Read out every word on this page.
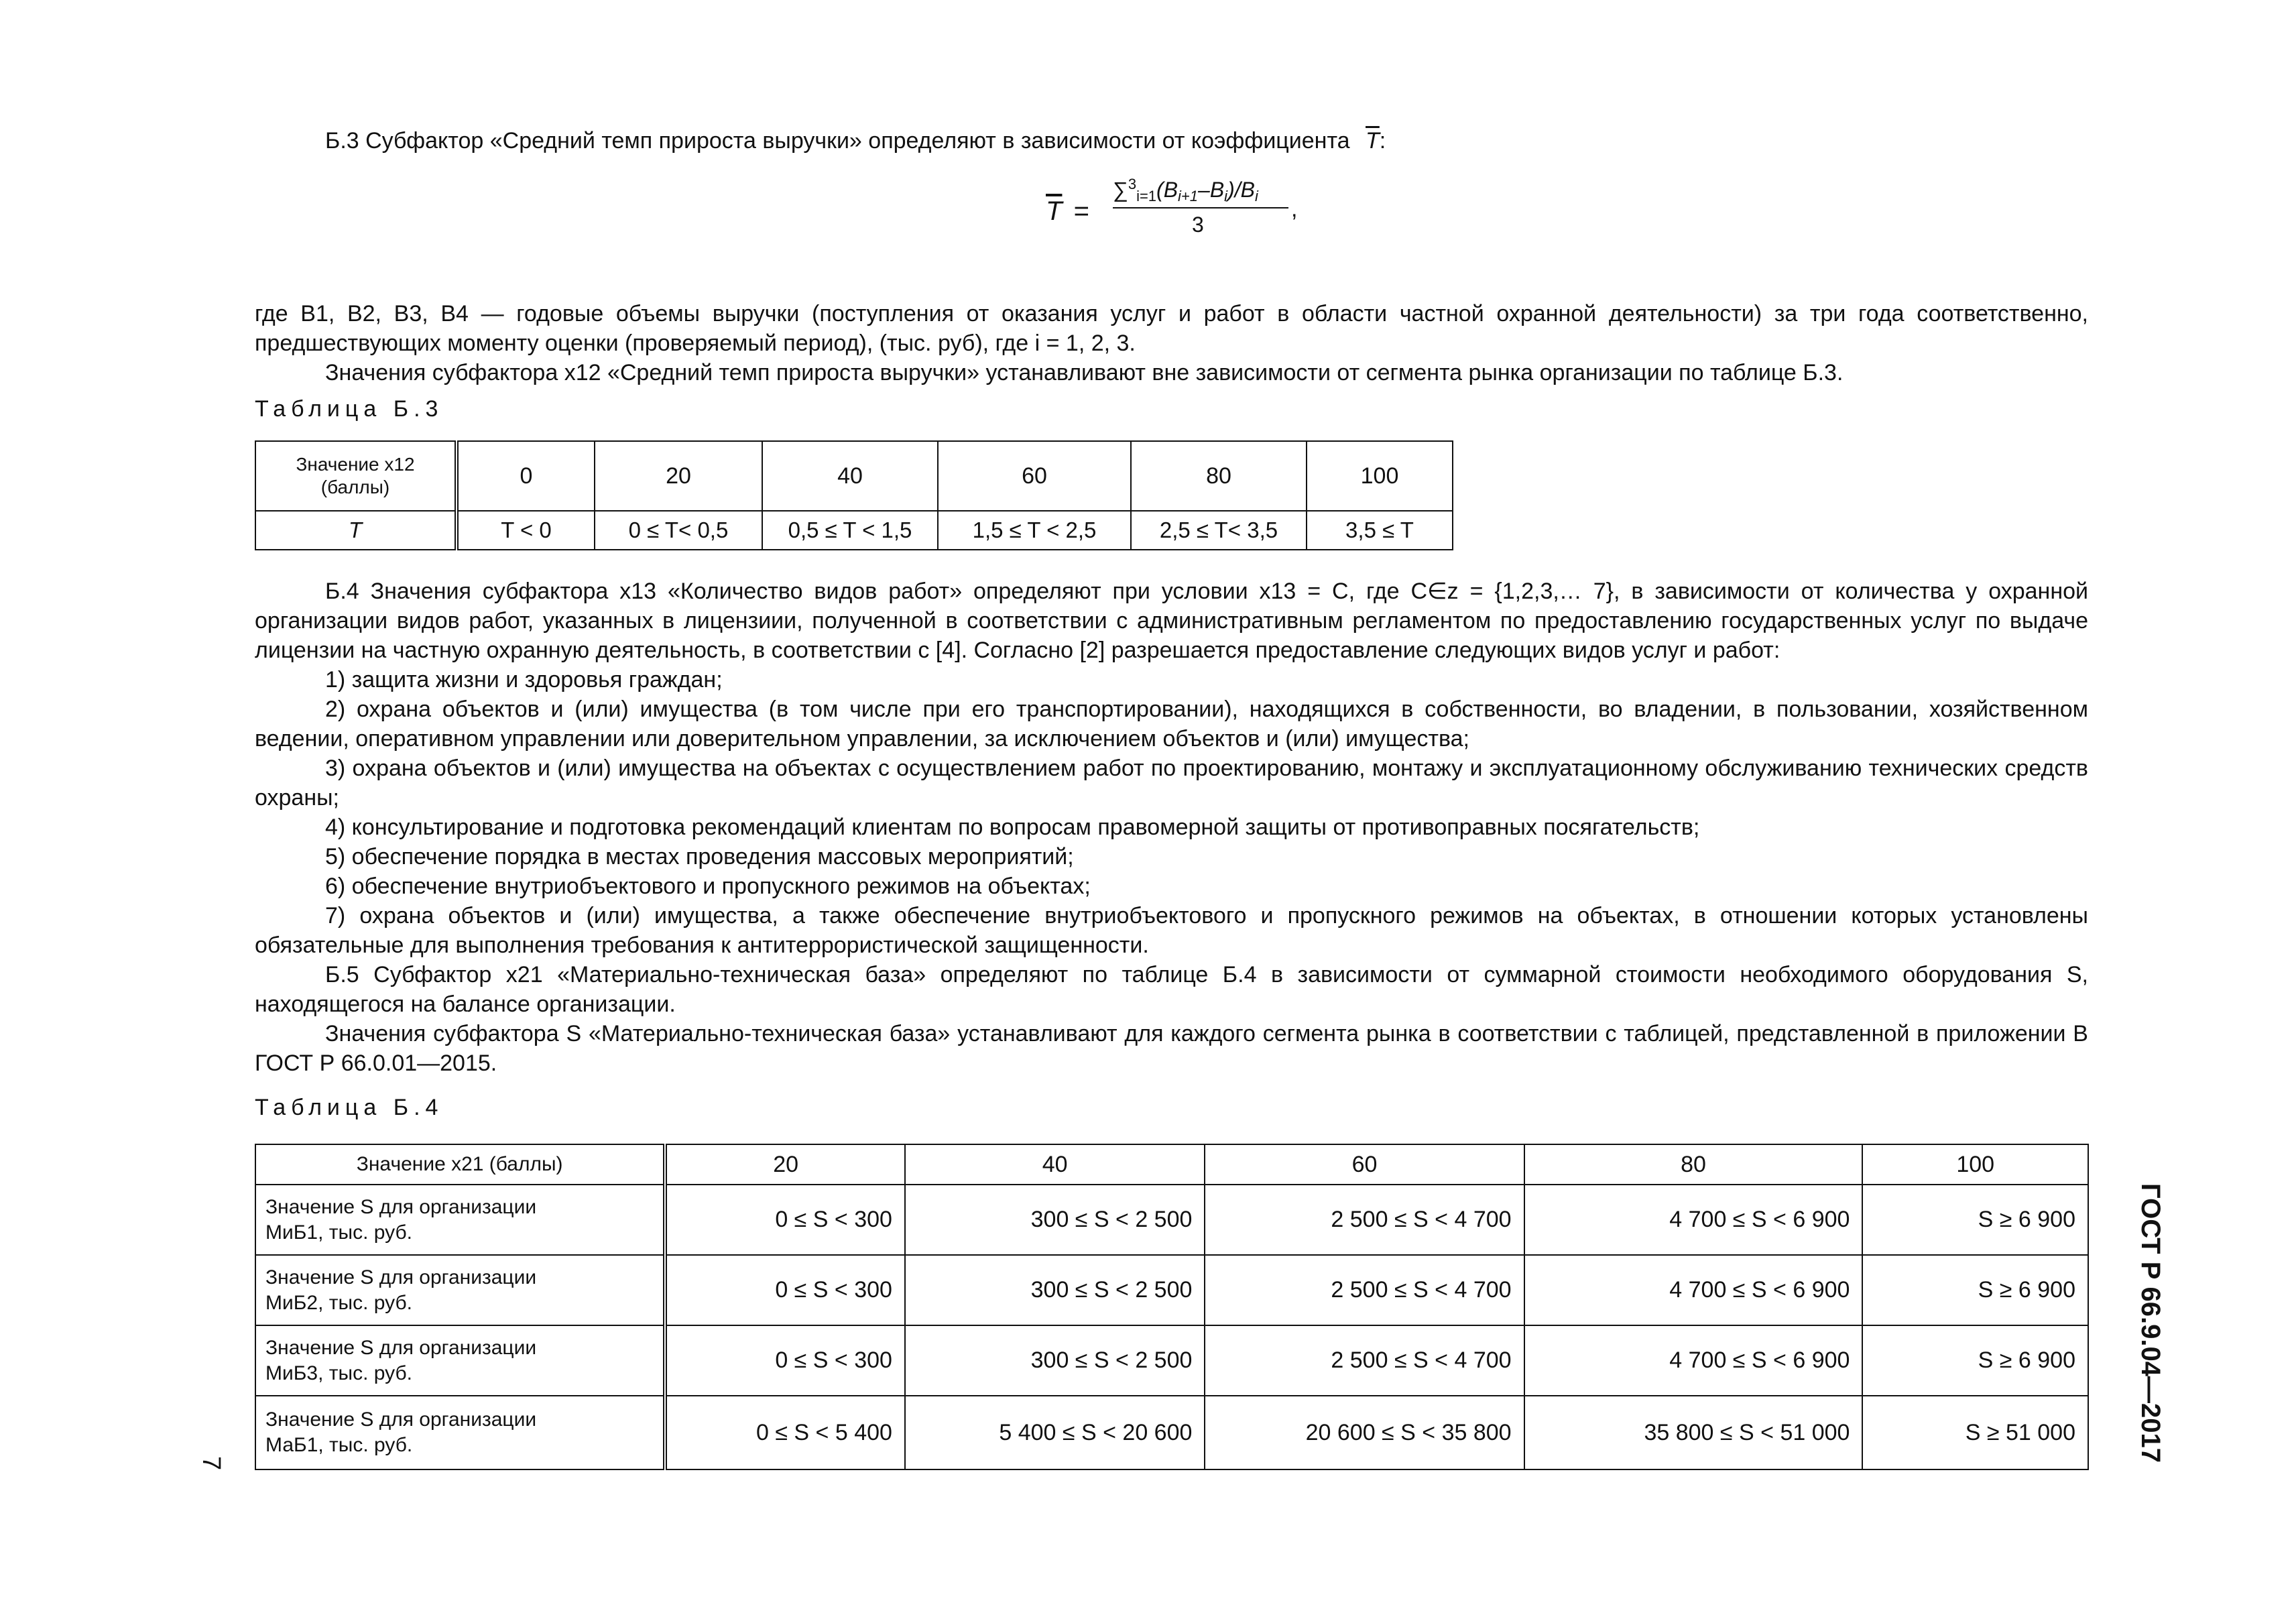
Б.3 Субфактор «Средний темп прироста выручки» определяют в зависимости от коэффициента $\overline{T}$:
$\overline{T}$ =
$\sum^3_{i=1}(B_{i+1}-B_i)/B_i$
3
,
где B1, B2, B3, B4 — годовые объемы выручки (поступления от оказания услуг и работ в области частной охранной деятельности) за три года соответственно, предшествующих моменту оценки (проверяемый период), (тыс. руб), где i = 1, 2, 3.
Значения субфактора x12 «Средний темп прироста выручки» устанавливают вне зависимости от сегмента рынка организации по таблице Б.3.
Таблица Б.3
Значение x12
(баллы)	0	20	40	60	80	100
T	T < 0	0 ≤ T< 0,5	0,5 ≤ T < 1,5	1,5 ≤ T < 2,5	2,5 ≤ T< 3,5	3,5 ≤ T
Б.4 Значения субфактора x13 «Количество видов работ» определяют при условии x13 = C, где C∈z = {1,2,3,… 7}, в зависимости от количества у охранной организации видов работ, указанных в лицензиии, полученной в соответствии с административным регламентом по предоставлению государственных услуг по выдаче лицензии на частную охранную деятельность, в соответствии с [4]. Согласно [2] разрешается предоставление следующих видов услуг и работ:
1) защита жизни и здоровья граждан;
2) охрана объектов и (или) имущества (в том числе при его транспортировании), находящихся в собственности, во владении, в пользовании, хозяйственном ведении, оперативном управлении или доверительном управлении, за исключением объектов и (или) имущества;
3) охрана объектов и (или) имущества на объектах с осуществлением работ по проектированию, монтажу и эксплуатационному обслуживанию технических средств охраны;
4) консультирование и подготовка рекомендаций клиентам по вопросам правомерной защиты от противоправных посягательств;
5) обеспечение порядка в местах проведения массовых мероприятий;
6) обеспечение внутриобъектового и пропускного режимов на объектах;
7) охрана объектов и (или) имущества, а также обеспечение внутриобъектового и пропускного режимов на объектах, в отношении которых установлены обязательные для выполнения требования к антитеррористической защищенности.
Б.5 Субфактор x21 «Материально-техническая база» определяют по таблице Б.4 в зависимости от суммарной стоимости необходимого оборудования S, находящегося на балансе организации.
Значения субфактора S «Материально-техническая база» устанавливают для каждого сегмента рынка в соответствии с таблицей, представленной в приложении В ГОСТ Р 66.0.01—2015.
Таблица Б.4
Значение x21 (баллы)	20	40	60	80	100

Значение S для организации
МиБ1, тыс. руб.	0 ≤ S < 300	300 ≤ S < 2 500	2 500 ≤ S < 4 700	4 700 ≤ S < 6 900	S ≥ 6 900

Значение S для организации
МиБ2, тыс. руб.	0 ≤ S < 300	300 ≤ S < 2 500	2 500 ≤ S < 4 700	4 700 ≤ S < 6 900	S ≥ 6 900

Значение S для организации
МиБ3, тыс. руб.	0 ≤ S < 300	300 ≤ S < 2 500	2 500 ≤ S < 4 700	4 700 ≤ S < 6 900	S ≥ 6 900

Значение S для организации
МаБ1, тыс. руб.	0 ≤ S < 5 400	5 400 ≤ S < 20 600	20 600 ≤ S < 35 800	35 800 ≤ S < 51 000	S ≥ 51 000 ГОСТ Р 66.9.04—2017
7
